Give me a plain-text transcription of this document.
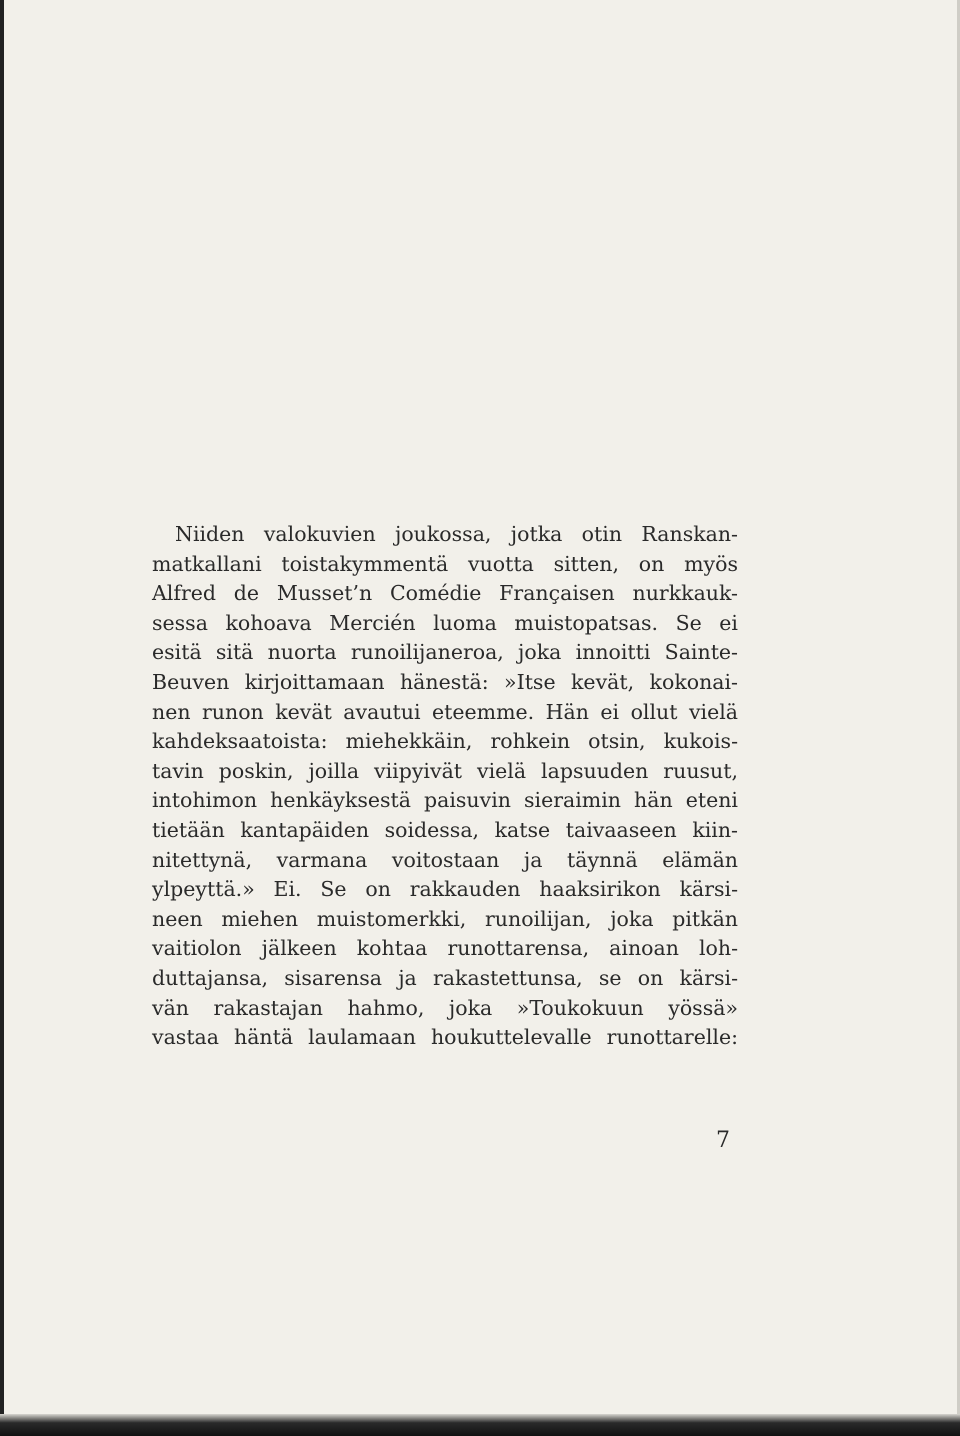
Niiden valokuvien joukossa, jotka otin Ranskan-
matkallani toistakymmentä vuotta sitten, on myös
Alfred de Musset’n Comédie Françaisen nurkkauk-
sessa kohoava Mercién luoma muistopatsas. Se ei
esitä sitä nuorta runoilijaneroa, joka innoitti Sainte-
Beuven kirjoittamaan hänestä: »Itse kevät, kokonai-
nen runon kevät avautui eteemme. Hän ei ollut vielä
kahdeksaatoista: miehekkäin, rohkein otsin, kukois-
tavin poskin, joilla viipyivät vielä lapsuuden ruusut,
intohimon henkäyksestä paisuvin sieraimin hän eteni
tietään kantapäiden soidessa, katse taivaaseen kiin-
nitettynä, varmana voitostaan ja täynnä elämän
ylpeyttä.» Ei. Se on rakkauden haaksirikon kärsi-
neen miehen muistomerkki, runoilijan, joka pitkän
vaitiolon jälkeen kohtaa runottarensa, ainoan loh-
duttajansa, sisarensa ja rakastettunsa, se on kärsi-
vän rakastajan hahmo, joka »Toukokuun yössä»
vastaa häntä laulamaan houkuttelevalle runottarelle:
7
